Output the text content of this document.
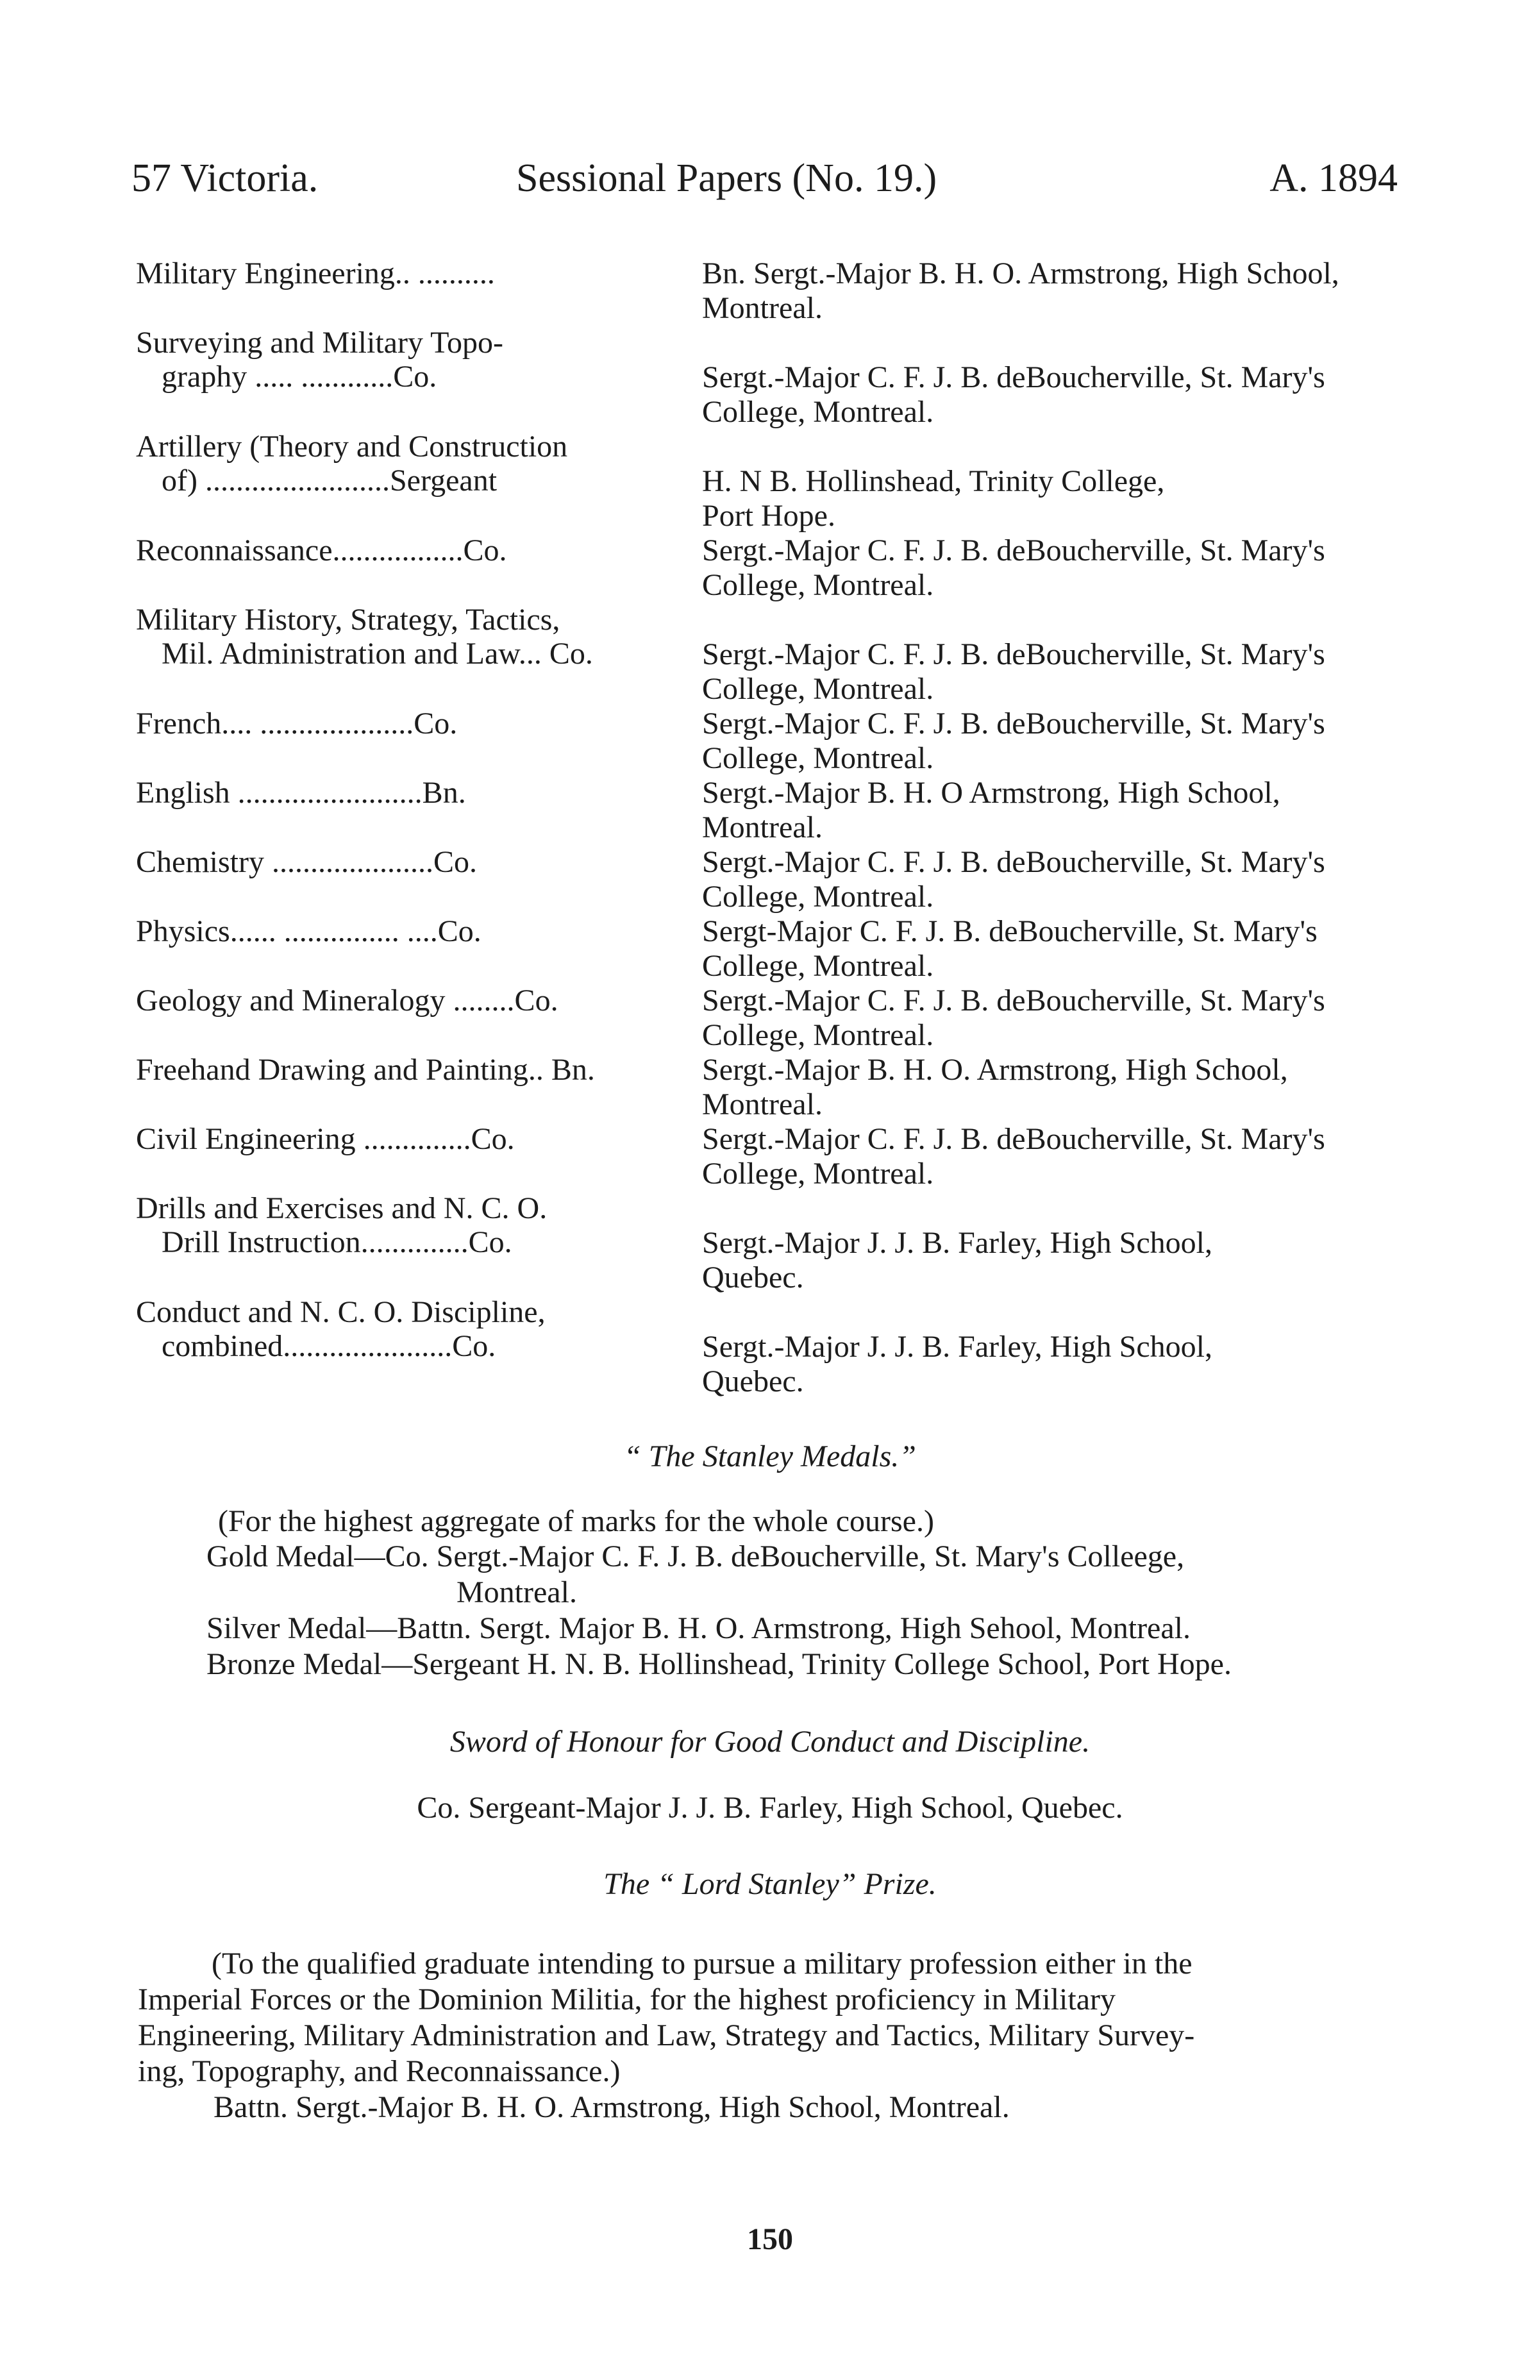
57 Victoria.	Sessional Papers (No. 19.)	A. 1894
Military Engineering.. ..........	Bn. Sergt.-Major B. H. O. Armstrong, High School,
Montreal.
Surveying and Military Topo-
graphy ..... ............Co.	Sergt.-Major C. F. J. B. deBoucherville, St. Mary's
College, Montreal.
Artillery (Theory and Construction
of) ........................Sergeant	H. N B. Hollinshead, Trinity College,
Port Hope.
Reconnaissance.................Co.	Sergt.-Major C. F. J. B. deBoucherville, St. Mary's
College, Montreal.
Military History, Strategy, Tactics,
Mil. Administration and Law... Co.	Sergt.-Major C. F. J. B. deBoucherville, St. Mary's
College, Montreal.
French.... ....................Co.	Sergt.-Major C. F. J. B. deBoucherville, St. Mary's
College, Montreal.
English ........................Bn.	Sergt.-Major B. H. O Armstrong, High School,
Montreal.
Chemistry .....................Co.	Sergt.-Major C. F. J. B. deBoucherville, St. Mary's
College, Montreal.
Physics...... ............... ....Co.	Sergt-Major C. F. J. B. deBoucherville, St. Mary's
College, Montreal.
Geology and Mineralogy ........Co.	Sergt.-Major C. F. J. B. deBoucherville, St. Mary's
College, Montreal.
Freehand Drawing and Painting.. Bn.	Sergt.-Major B. H. O. Armstrong, High School,
Montreal.
Civil Engineering ..............Co.	Sergt.-Major C. F. J. B. deBoucherville, St. Mary's
College, Montreal.
Drills and Exercises and N. C. O.
Drill Instruction..............Co.	Sergt.-Major J. J. B. Farley, High School,
Quebec.
Conduct and N. C. O. Discipline,
combined......................Co.	Sergt.-Major J. J. B. Farley, High School,
Quebec.
“ The Stanley Medals.”
(For the highest aggregate of marks for the whole course.)
Gold Medal—Co. Sergt.-Major C. F. J. B. deBoucherville, St. Mary's Colleege,
Montreal.
Silver Medal—Battn. Sergt. Major B. H. O. Armstrong, High Sehool, Montreal.
Bronze Medal—Sergeant H. N. B. Hollinshead, Trinity College School, Port Hope.
Sword of Honour for Good Conduct and Discipline.
Co. Sergeant-Major J. J. B. Farley, High School, Quebec.
The “ Lord Stanley” Prize.
(To the qualified graduate intending to pursue a military profession either in the
Imperial Forces or the Dominion Militia, for the highest proficiency in Military
Engineering, Military Administration and Law, Strategy and Tactics, Military Survey-
ing, Topography, and Reconnaissance.)
Battn. Sergt.-Major B. H. O. Armstrong, High School, Montreal.
150
